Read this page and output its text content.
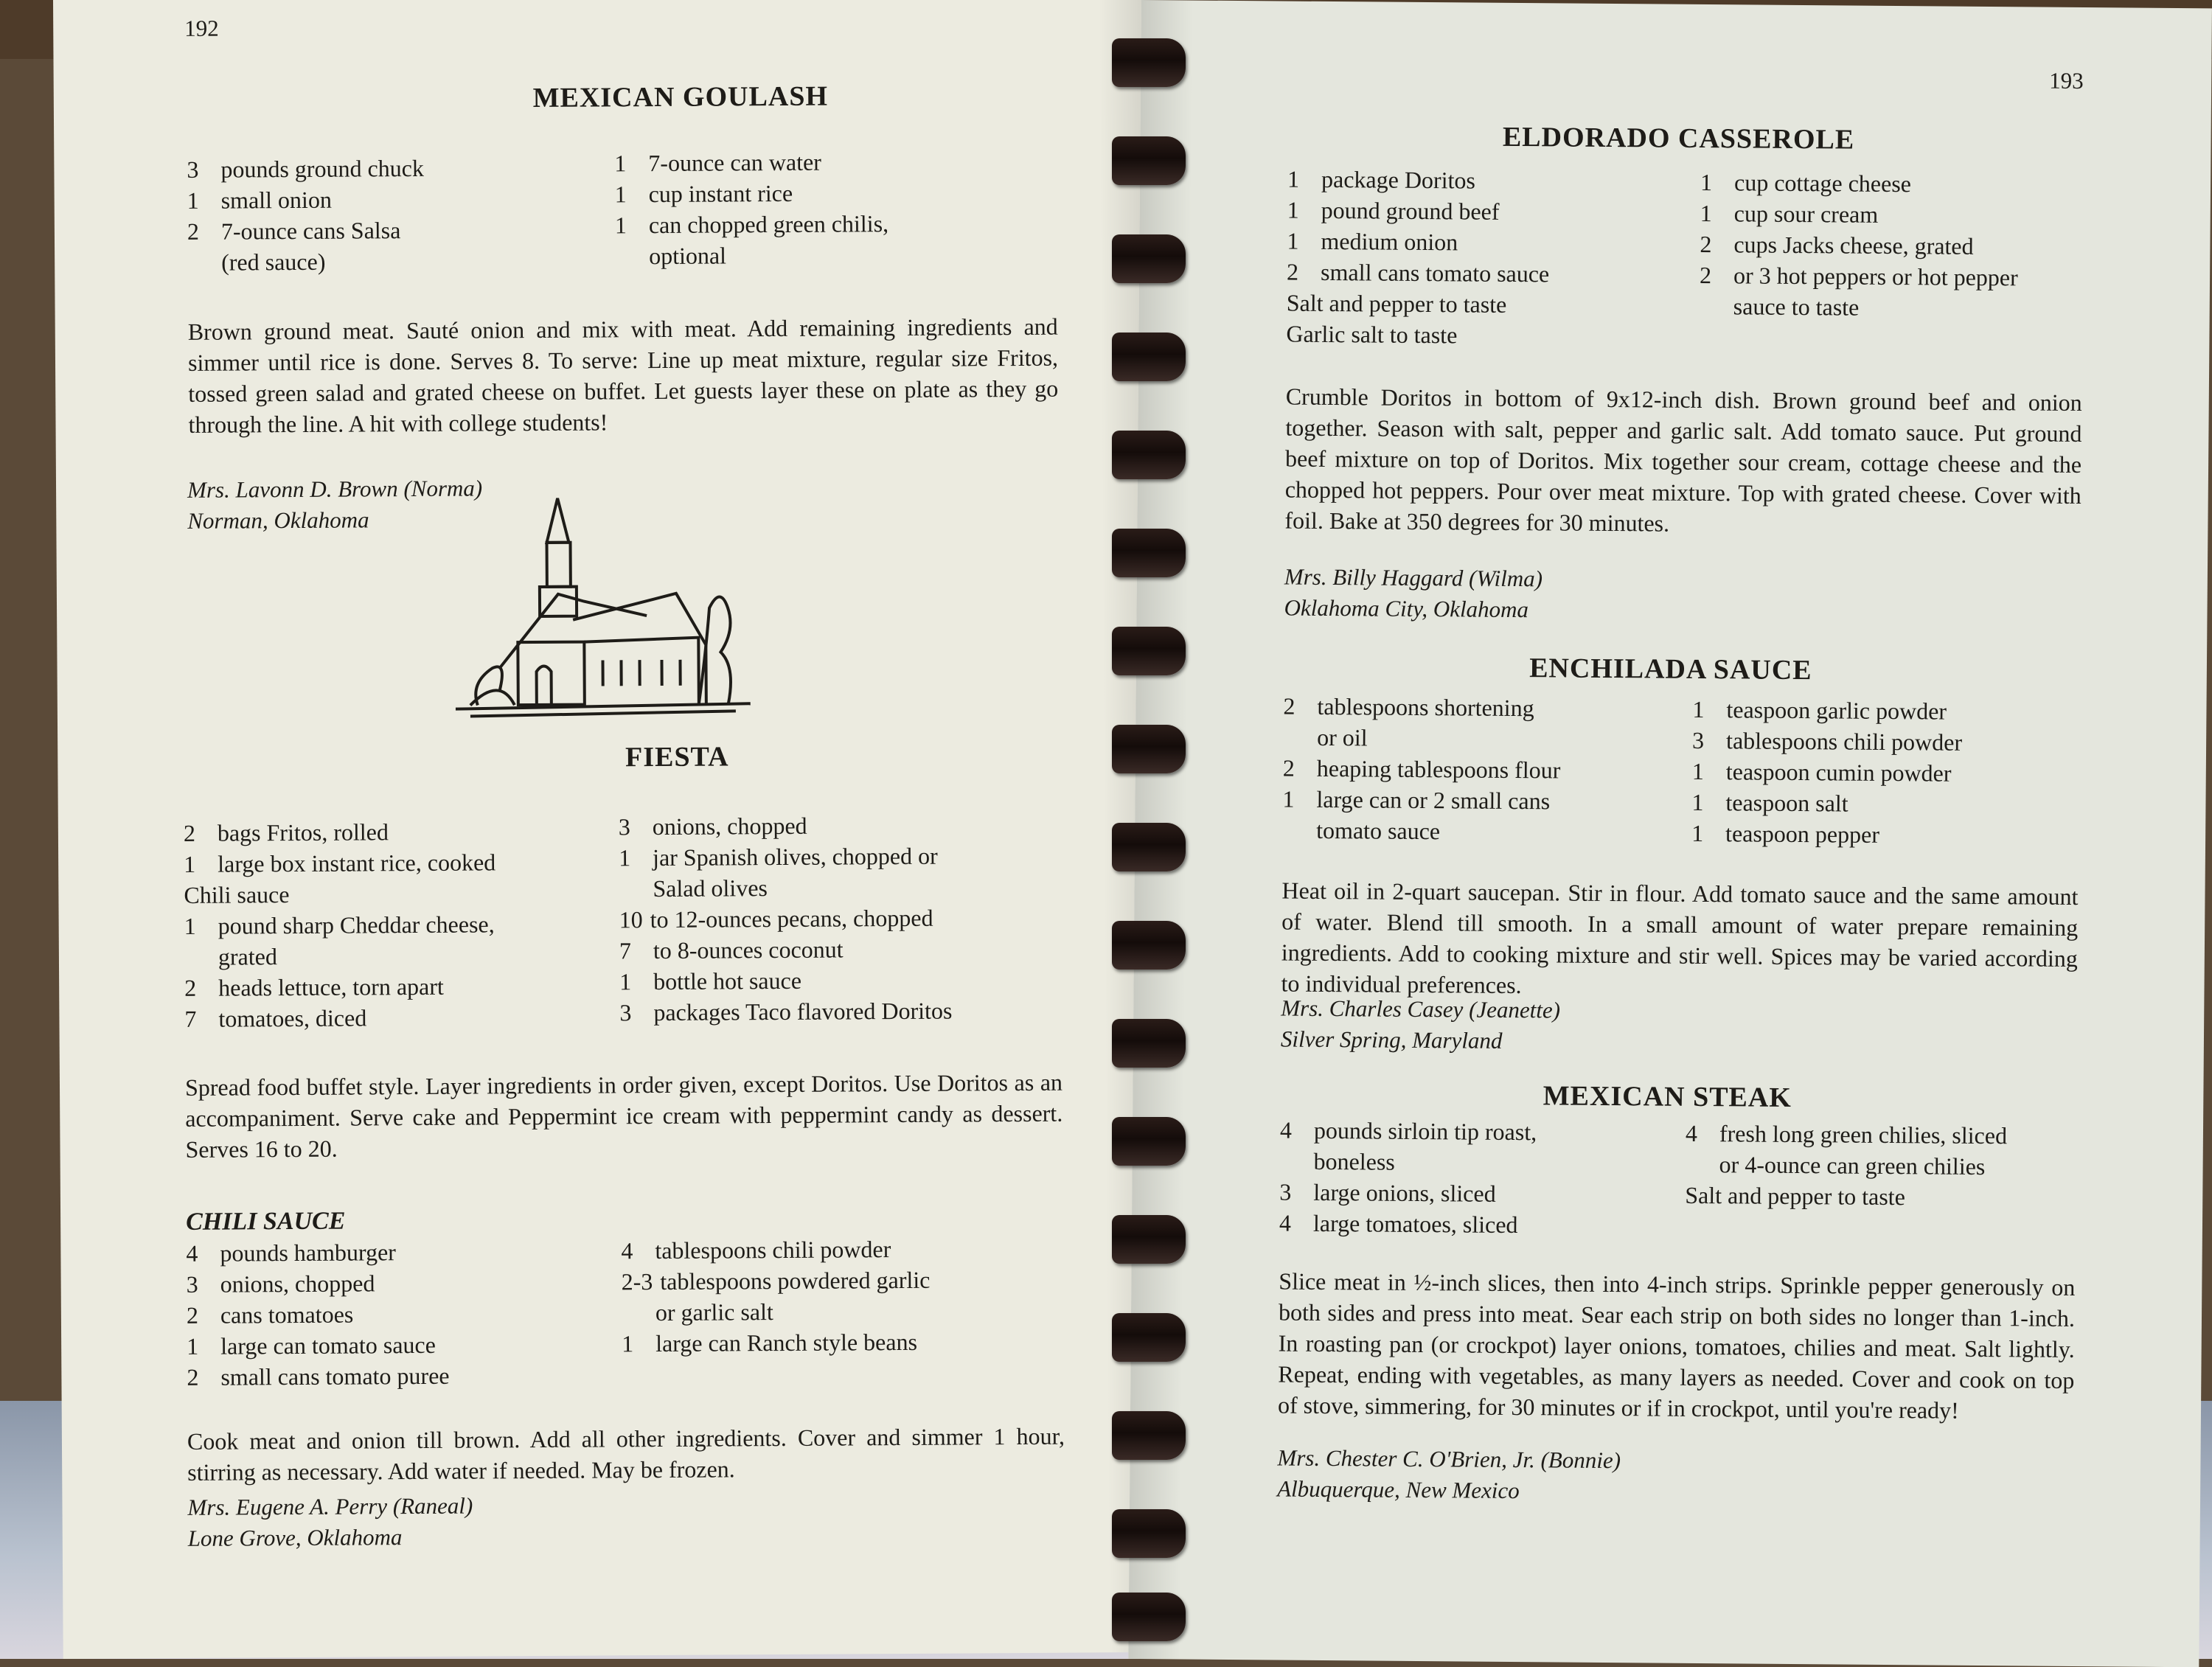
192
MEXICAN GOULASH
3 pounds ground chuck
1 small onion
2 7-ounce cans Salsa
(red sauce)
1 7-ounce can water
1 cup instant rice
1 can chopped green chilis,
optional
Brown ground meat. Sauté onion and mix with meat. Add remaining ingredients and simmer until rice is done. Serves 8. To serve: Line up meat mixture, regular size Fritos, tossed green salad and grated cheese on buffet. Let guests layer these on plate as they go through the line. A hit with college students!
Mrs. Lavonn D. Brown (Norma)
Norman, Oklahoma
FIESTA
2 bags Fritos, rolled
1 large box instant rice, cooked
Chili sauce
1 pound sharp Cheddar cheese,
grated
2 heads lettuce, torn apart
7 tomatoes, diced
3 onions, chopped
1 jar Spanish olives, chopped or
Salad olives
10 to 12-ounces pecans, chopped
7 to 8-ounces coconut
1 bottle hot sauce
3 packages Taco flavored Doritos
Spread food buffet style. Layer ingredients in order given, except Doritos. Use Doritos as an accompaniment. Serve cake and Peppermint ice cream with peppermint candy as dessert. Serves 16 to 20.
CHILI SAUCE
4 pounds hamburger
3 onions, chopped
2 cans tomatoes
1 large can tomato sauce
2 small cans tomato puree
4 tablespoons chili powder
2-3 tablespoons powdered garlic
or garlic salt
1 large can Ranch style beans
Cook meat and onion till brown. Add all other ingredients. Cover and simmer 1 hour, stirring as necessary. Add water if needed. May be frozen.
Mrs. Eugene A. Perry (Raneal)
Lone Grove, Oklahoma
193
ELDORADO CASSEROLE
1 package Doritos
1 pound ground beef
1 medium onion
2 small cans tomato sauce
Salt and pepper to taste
Garlic salt to taste
1 cup cottage cheese
1 cup sour cream
2 cups Jacks cheese, grated
2 or 3 hot peppers or hot pepper
sauce to taste
Crumble Doritos in bottom of 9x12-inch dish. Brown ground beef and onion together. Season with salt, pepper and garlic salt. Add tomato sauce. Put ground beef mixture on top of Doritos. Mix together sour cream, cottage cheese and the chopped hot peppers. Pour over meat mixture. Top with grated cheese. Cover with foil. Bake at 350 degrees for 30 minutes.
Mrs. Billy Haggard (Wilma)
Oklahoma City, Oklahoma
ENCHILADA SAUCE
2 tablespoons shortening
or oil
2 heaping tablespoons flour
1 large can or 2 small cans
tomato sauce
1 teaspoon garlic powder
3 tablespoons chili powder
1 teaspoon cumin powder
1 teaspoon salt
1 teaspoon pepper
Heat oil in 2-quart saucepan. Stir in flour. Add tomato sauce and the same amount of water. Blend till smooth. In a small amount of water prepare remaining ingredients. Add to cooking mixture and stir well. Spices may be varied according to individual preferences.
Mrs. Charles Casey (Jeanette)
Silver Spring, Maryland
MEXICAN STEAK
4 pounds sirloin tip roast,
boneless
3 large onions, sliced
4 large tomatoes, sliced
4 fresh long green chilies, sliced
or 4-ounce can green chilies
Salt and pepper to taste
Slice meat in ½-inch slices, then into 4-inch strips. Sprinkle pepper generously on both sides and press into meat. Sear each strip on both sides no longer than 1-inch. In roasting pan (or crockpot) layer onions, tomatoes, chilies and meat. Salt lightly. Repeat, ending with vegetables, as many layers as needed. Cover and cook on top of stove, simmering, for 30 minutes or if in crockpot, until you're ready!
Mrs. Chester C. O'Brien, Jr. (Bonnie)
Albuquerque, New Mexico
